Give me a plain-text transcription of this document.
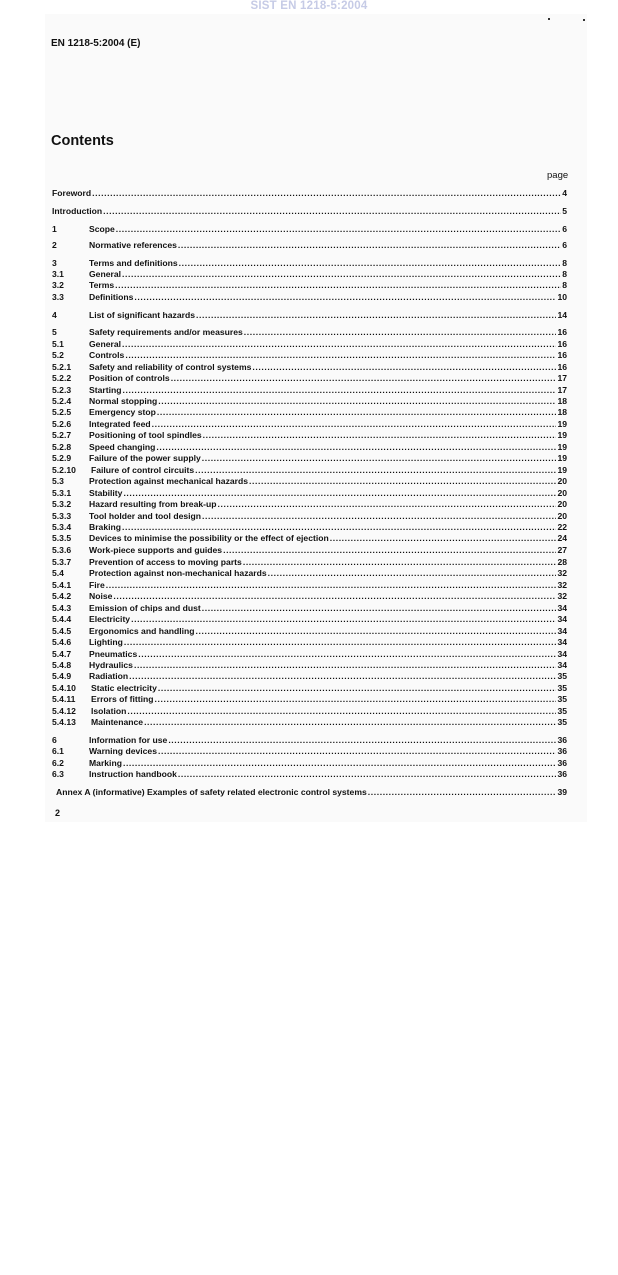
SIST EN 1218-5:2004
EN 1218-5:2004 (E)
Contents
page
Foreword .....	4
Introduction .....	5
1	Scope .....	6
2	Normative references .....	6
3	Terms and definitions .....	8
3.1	General .....	8
3.2	Terms .....	8
3.3	Definitions .....	10
4	List of significant hazards .....	14
5	Safety requirements and/or measures .....	16
5.1	General .....	16
5.2	Controls .....	16
5.2.1 Safety and reliability of control systems .....	16
5.2.2 Position of controls .....	17
5.2.3 Starting .....	17
5.2.4 Normal stopping .....	18
5.2.5 Emergency stop .....	18
5.2.6 Integrated feed .....	19
5.2.7 Positioning of tool spindles .....	19
5.2.8 Speed changing .....	19
5.2.9 Failure of the power supply .....	19
5.2.10 Failure of control circuits .....	19
5.3	Protection against mechanical hazards .....	20
5.3.1 Stability .....	20
5.3.2 Hazard resulting from break-up .....	20
5.3.3 Tool holder and tool design .....	20
5.3.4 Braking .....	22
5.3.5 Devices to minimise the possibility or the effect of ejection .....	24
5.3.6 Work-piece supports and guides .....	27
5.3.7 Prevention of access to moving parts .....	28
5.4	Protection against non-mechanical hazards .....	32
5.4.1 Fire .....	32
5.4.2 Noise .....	32
5.4.3 Emission of chips and dust .....	34
5.4.4 Electricity .....	34
5.4.5 Ergonomics and handling .....	34
5.4.6 Lighting .....	34
5.4.7 Pneumatics .....	34
5.4.8 Hydraulics .....	34
5.4.9 Radiation .....	35
5.4.10 Static electricity .....	35
5.4.11 Errors of fitting .....	35
5.4.12 Isolation .....	35
5.4.13 Maintenance .....	35
6	Information for use .....	36
6.1	Warning devices .....	36
6.2	Marking .....	36
6.3	Instruction handbook .....	36
Annex A (informative) Examples of safety related electronic control systems .....	39
2
